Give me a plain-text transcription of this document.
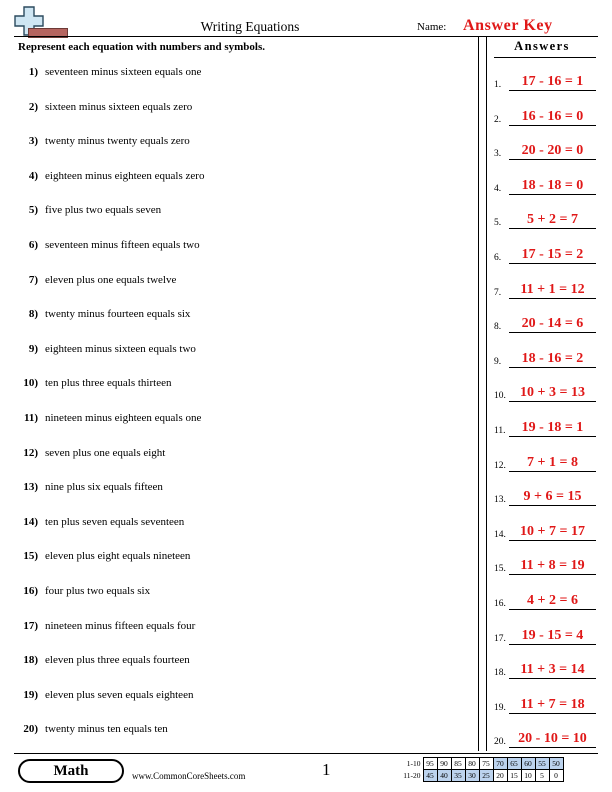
Writing Equations	Name: Answer Key
Represent each equation with numbers and symbols.	Answers
1) seventeen minus sixteen equals one
2) sixteen minus sixteen equals zero
3) twenty minus twenty equals zero
4) eighteen minus eighteen equals zero
5) five plus two equals seven
6) seventeen minus fifteen equals two
7) eleven plus one equals twelve
8) twenty minus fourteen equals six
9) eighteen minus sixteen equals two
10) ten plus three equals thirteen
11) nineteen minus eighteen equals one
12) seven plus one equals eight
13) nine plus six equals fifteen
14) ten plus seven equals seventeen
15) eleven plus eight equals nineteen
16) four plus two equals six
17) nineteen minus fifteen equals four
18) eleven plus three equals fourteen
19) eleven plus seven equals eighteen
20) twenty minus ten equals ten
1.	17 - 16 = 1
2.	16 - 16 = 0
3.	20 - 20 = 0
4.	18 - 18 = 0
5.	5 + 2 = 7
6.	17 - 15 = 2
7.	11 + 1 = 12
8.	20 - 14 = 6
9.	18 - 16 = 2
10.	10 + 3 = 13
11.	19 - 18 = 1
12.	7 + 1 = 8
13.	9 + 6 = 15
14.	10 + 7 = 17
15.	11 + 8 = 19
16.	4 + 2 = 6
17.	19 - 15 = 4
18.	11 + 3 = 14
19.	11 + 7 = 18
20. 20 - 10 = 10
Math	www.CommonCoreSheets.com	1	1-10	95	90	85	80	75	70	65	60	55	50
11-20	45	40	35	30	25	20	15	10	5	0
